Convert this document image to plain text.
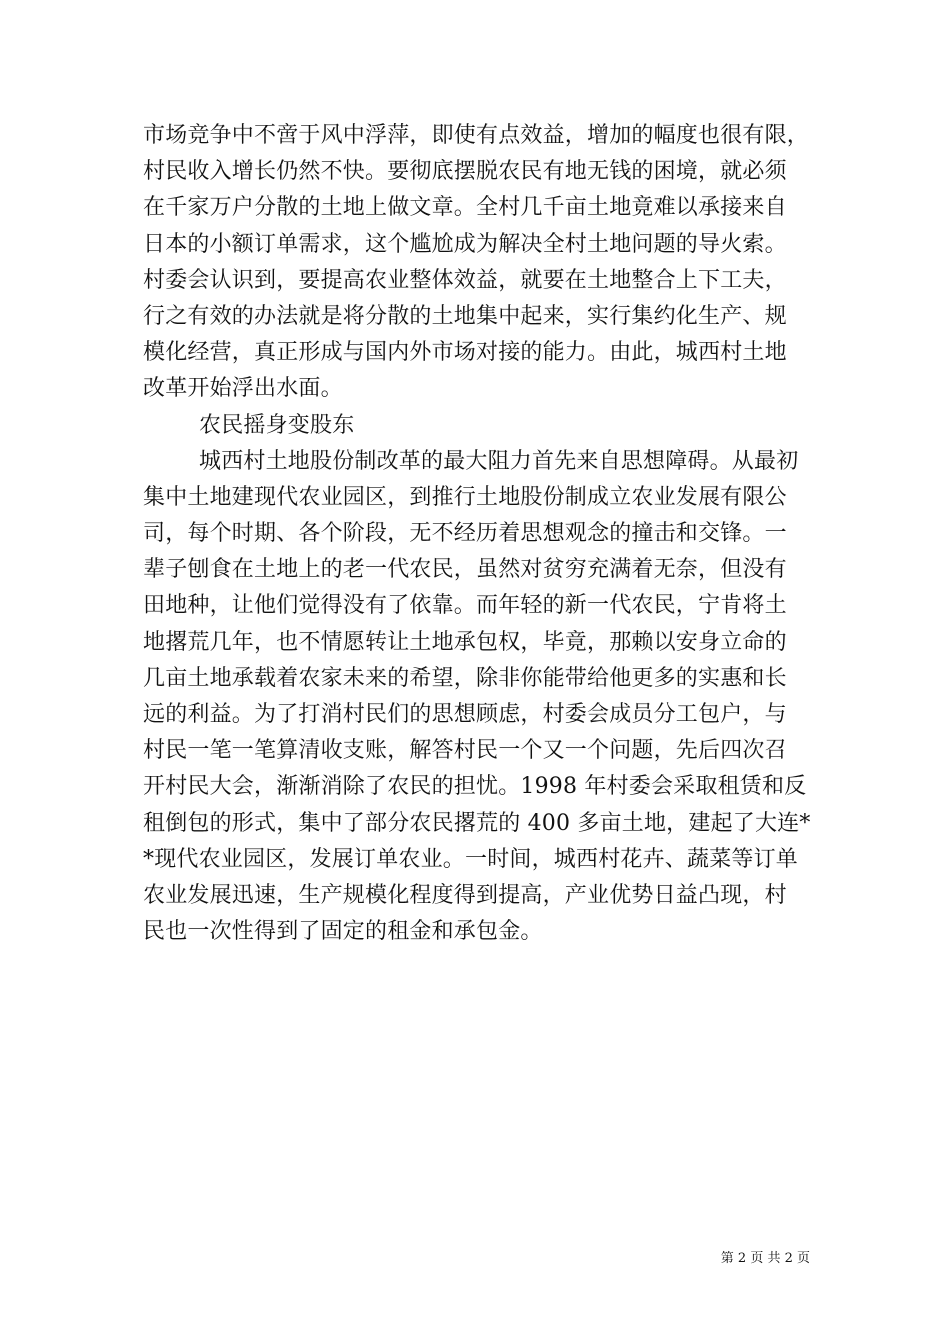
市场竞争中不啻于风中浮萍，即使有点效益，增加的幅度也很有限，
村民收入增长仍然不快。要彻底摆脱农民有地无钱的困境，就必须
在千家万户分散的土地上做文章。全村几千亩土地竟难以承接来自
日本的小额订单需求，这个尴尬成为解决全村土地问题的导火索。
村委会认识到，要提高农业整体效益，就要在土地整合上下工夫，
行之有效的办法就是将分散的土地集中起来，实行集约化生产、规
模化经营，真正形成与国内外市场对接的能力。由此，城西村土地
改革开始浮出水面。
农民摇身变股东
城西村土地股份制改革的最大阻力首先来自思想障碍。从最初
集中土地建现代农业园区，到推行土地股份制成立农业发展有限公
司，每个时期、各个阶段，无不经历着思想观念的撞击和交锋。一
辈子刨食在土地上的老一代农民，虽然对贫穷充满着无奈，但没有
田地种，让他们觉得没有了依靠。而年轻的新一代农民，宁肯将土
地撂荒几年，也不情愿转让土地承包权，毕竟，那赖以安身立命的
几亩土地承载着农家未来的希望，除非你能带给他更多的实惠和长
远的利益。为了打消村民们的思想顾虑，村委会成员分工包户，与
村民一笔一笔算清收支账，解答村民一个又一个问题，先后四次召
开村民大会，渐渐消除了农民的担忧。1998 年村委会采取租赁和反
租倒包的形式，集中了部分农民撂荒的 400 多亩土地，建起了大连*
*现代农业园区，发展订单农业。一时间，城西村花卉、蔬菜等订单
农业发展迅速，生产规模化程度得到提高，产业优势日益凸现，村
民也一次性得到了固定的租金和承包金。
第 2 页 共 2 页
